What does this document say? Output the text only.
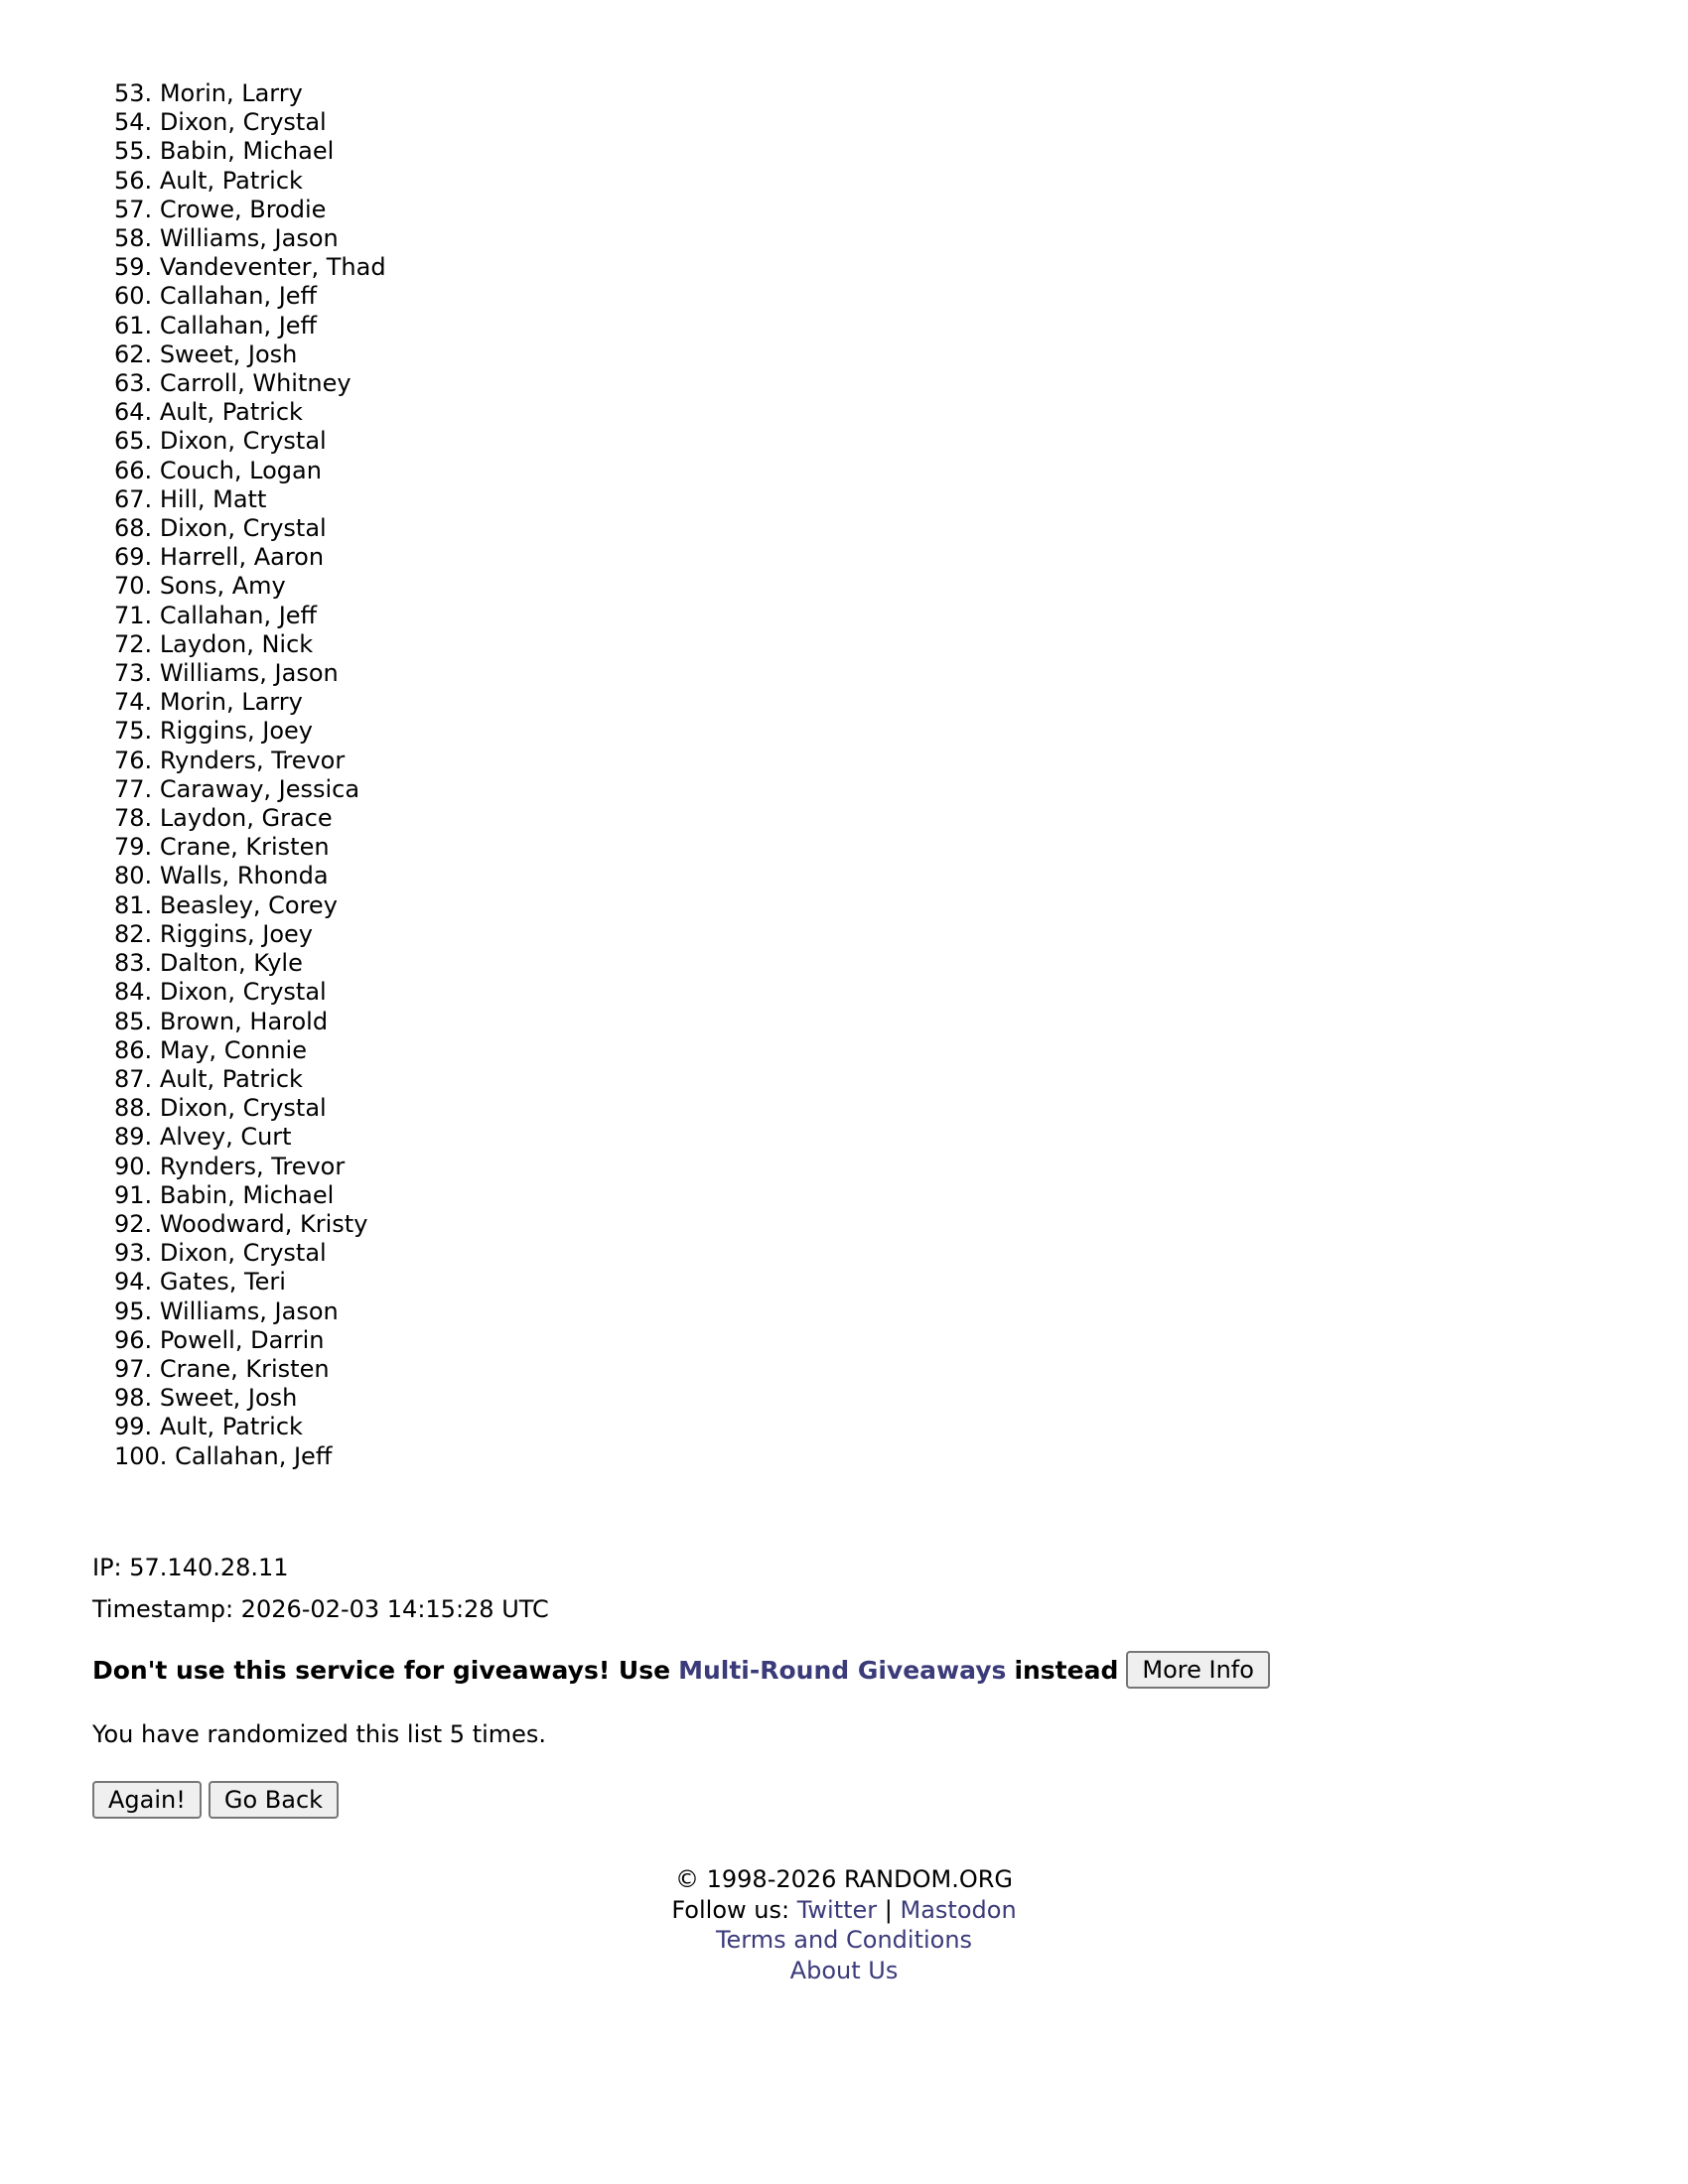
53. Morin, Larry
54. Dixon, Crystal
55. Babin, Michael
56. Ault, Patrick
57. Crowe, Brodie
58. Williams, Jason
59. Vandeventer, Thad
60. Callahan, Jeff
61. Callahan, Jeff
62. Sweet, Josh
63. Carroll, Whitney
64. Ault, Patrick
65. Dixon, Crystal
66. Couch, Logan
67. Hill, Matt
68. Dixon, Crystal
69. Harrell, Aaron
70. Sons, Amy
71. Callahan, Jeff
72. Laydon, Nick
73. Williams, Jason
74. Morin, Larry
75. Riggins, Joey
76. Rynders, Trevor
77. Caraway, Jessica
78. Laydon, Grace
79. Crane, Kristen
80. Walls, Rhonda
81. Beasley, Corey
82. Riggins, Joey
83. Dalton, Kyle
84. Dixon, Crystal
85. Brown, Harold
86. May, Connie
87. Ault, Patrick
88. Dixon, Crystal
89. Alvey, Curt
90. Rynders, Trevor
91. Babin, Michael
92. Woodward, Kristy
93. Dixon, Crystal
94. Gates, Teri
95. Williams, Jason
96. Powell, Darrin
97. Crane, Kristen
98. Sweet, Josh
99. Ault, Patrick
100. Callahan, Jeff
IP: 57.140.28.11
Timestamp: 2026-02-03 14:15:28 UTC
Don't use this service for giveaways! Use Multi-Round Giveaways instead	More Info
You have randomized this list 5 times.
Again!	Go Back
© 1998-2026 RANDOM.ORG
Follow us: Twitter | Mastodon
Terms and Conditions
About Us
